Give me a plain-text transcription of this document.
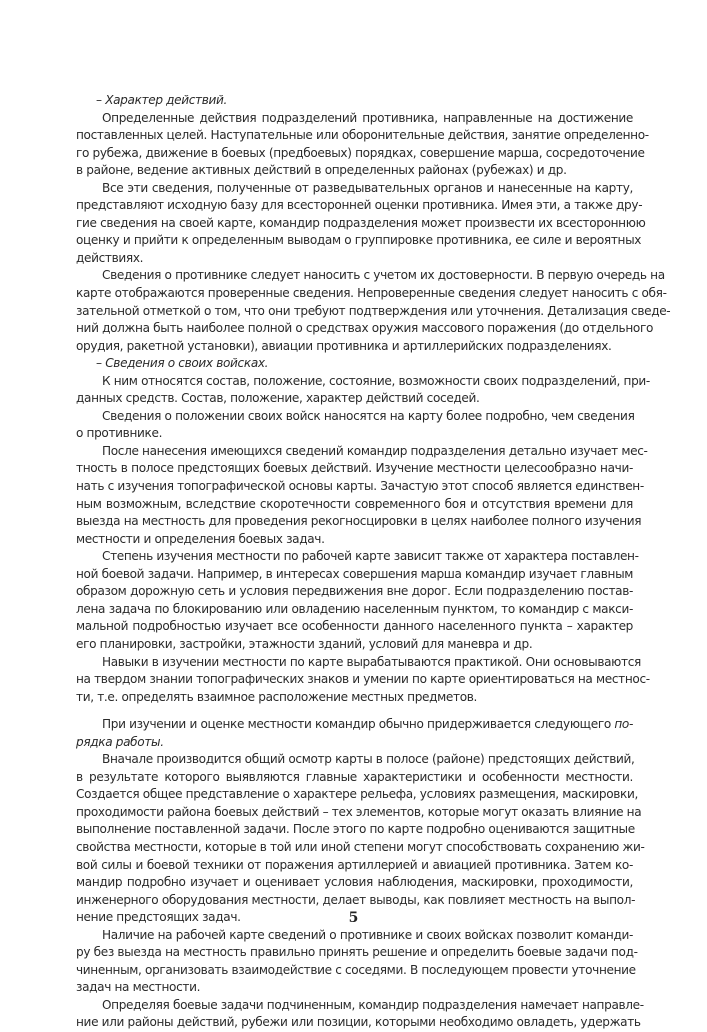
– Характер действий.
Определенные действия подразделений противника, направленные на достижение
поставленных целей. Наступательные или оборонительные действия, занятие определенно-
го рубежа, движение в боевых (предбоевых) порядках, совершение марша, сосредоточение
в районе, ведение активных действий в определенных районах (рубежах) и др.
Все эти сведения, полученные от разведывательных органов и нанесенные на карту,
представляют исходную базу для всесторонней оценки противника. Имея эти, а также дру-
гие сведения на своей карте, командир подразделения может произвести их всестороннюю
оценку и прийти к определенным выводам о группировке противника, ее силе и вероятных
действиях.
Сведения о противнике следует наносить с учетом их достоверности. В первую очередь на
карте отображаются проверенные сведения. Непроверенные сведения следует наносить с обя-
зательной отметкой о том, что они требуют подтверждения или уточнения. Детализация сведе-
ний должна быть наиболее полной о средствах оружия массового поражения (до отдельного
орудия, ракетной установки), авиации противника и артиллерийских подразделениях.
– Сведения о своих войсках.
К ним относятся состав, положение, состояние, возможности своих подразделений, при-
данных средств. Состав, положение, характер действий соседей.
Сведения о положении своих войск наносятся на карту более подробно, чем сведения
о противнике.
После нанесения имеющихся сведений командир подразделения детально изучает мес-
тность в полосе предстоящих боевых действий. Изучение местности целесообразно начи-
нать с изучения топографической основы карты. Зачастую этот способ является единствен-
ным возможным, вследствие скоротечности современного боя и отсутствия времени для
выезда на местность для проведения рекогносцировки в целях наиболее полного изучения
местности и определения боевых задач.
Степень изучения местности по рабочей карте зависит также от характера поставлен-
ной боевой задачи. Например, в интересах совершения марша командир изучает главным
образом дорожную сеть и условия передвижения вне дорог. Если подразделению постав-
лена задача по блокированию или овладению населенным пунктом, то командир с макси-
мальной подробностью изучает все особенности данного населенного пункта – характер
его планировки, застройки, этажности зданий, условий для маневра и др.
Навыки в изучении местности по карте вырабатываются практикой. Они основываются
на твердом знании топографических знаков и умении по карте ориентироваться на местнос-
ти, т.е. определять взаимное расположение местных предметов.
При изучении и оценке местности командир обычно придерживается следующего по-
рядка работы.
Вначале производится общий осмотр карты в полосе (районе) предстоящих действий,
в результате которого выявляются главные характеристики и особенности местности.
Создается общее представление о характере рельефа, условиях размещения, маскировки,
проходимости района боевых действий – тех элементов, которые могут оказать влияние на
выполнение поставленной задачи. После этого по карте подробно оцениваются защитные
свойства местности, которые в той или иной степени могут способствовать сохранению жи-
вой силы и боевой техники от поражения артиллерией и авиацией противника. Затем ко-
мандир подробно изучает и оценивает условия наблюдения, маскировки, проходимости,
инженерного оборудования местности, делает выводы, как повлияет местность на выпол-
нение предстоящих задач.
Наличие на рабочей карте сведений о противнике и своих войсках позволит команди-
ру без выезда на местность правильно принять решение и определить боевые задачи под-
чиненным, организовать взаимодействие с соседями. В последующем провести уточнение
задач на местности.
Определяя боевые задачи подчиненным, командир подразделения намечает направле-
ние или районы действий, рубежи или позиции, которыми необходимо овладеть, удержать
5
